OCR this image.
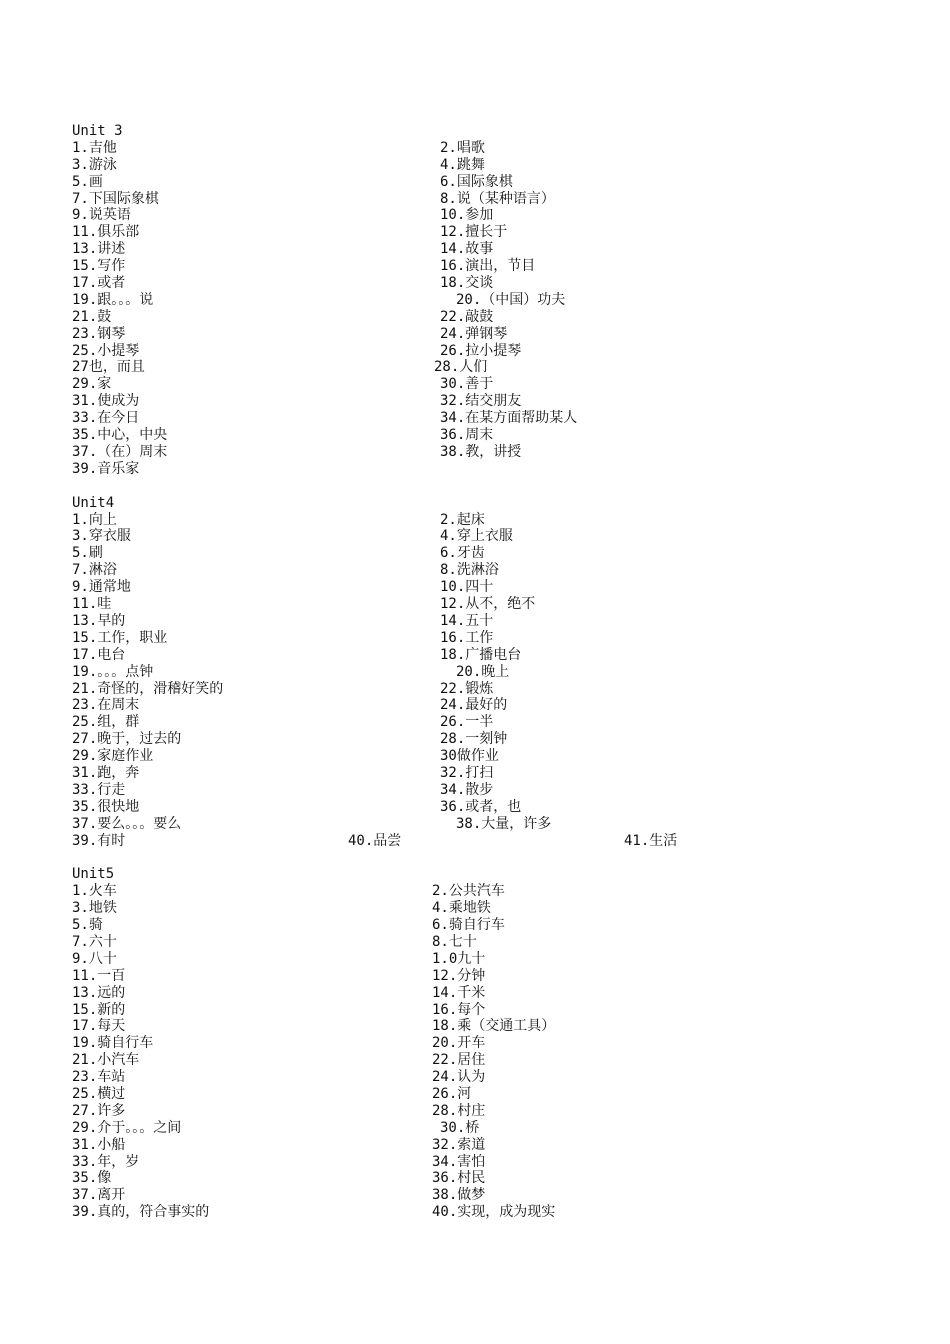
Unit 3
1.吉他	2.唱歌
3.游泳	4.跳舞
5.画	6.国际象棋
7.下国际象棋	8.说（某种语言）
9.说英语	10.参加
11.俱乐部	12.擅长于
13.讲述	14.故事
15.写作	16.演出，节目
17.或者	18.交谈
19.跟。。。说	20.（中国）功夫
21.鼓	22.敲鼓
23.钢琴	24.弹钢琴
25.小提琴	26.拉小提琴
27也，而且	28.人们
29.家	30.善于
31.使成为	32.结交朋友
33.在今日	34.在某方面帮助某人
35.中心，中央	36.周末
37.（在）周末	38.教，讲授
39.音乐家
Unit4
1.向上	2.起床
3.穿衣服	4.穿上衣服
5.刷	6.牙齿
7.淋浴	8.洗淋浴
9.通常地	10.四十
11.哇	12.从不，绝不
13.早的	14.五十
15.工作，职业	16.工作
17.电台	18.广播电台
19.。。。点钟	20.晚上
21.奇怪的，滑稽好笑的	22.锻炼
23.在周末	24.最好的
25.组，群	26.一半
27.晚于，过去的	28.一刻钟
29.家庭作业	30做作业
31.跑，奔	32.打扫
33.行走	34.散步
35.很快地	36.或者，也
37.要么。。。要么	38.大量，许多
39.有时	40.品尝	41.生活
Unit5
1.火车	2.公共汽车
3.地铁	4.乘地铁
5.骑	6.骑自行车
7.六十	8.七十
9.八十	1.0九十
11.一百	12.分钟
13.远的	14.千米
15.新的	16.每个
17.每天	18.乘（交通工具）
19.骑自行车	20.开车
21.小汽车	22.居住
23.车站	24.认为
25.横过	26.河
27.许多	28.村庄
29.介于。。。之间	30.桥
31.小船	32.索道
33.年，岁	34.害怕
35.像	36.村民
37.离开	38.做梦
39.真的，符合事实的	40.实现，成为现实
